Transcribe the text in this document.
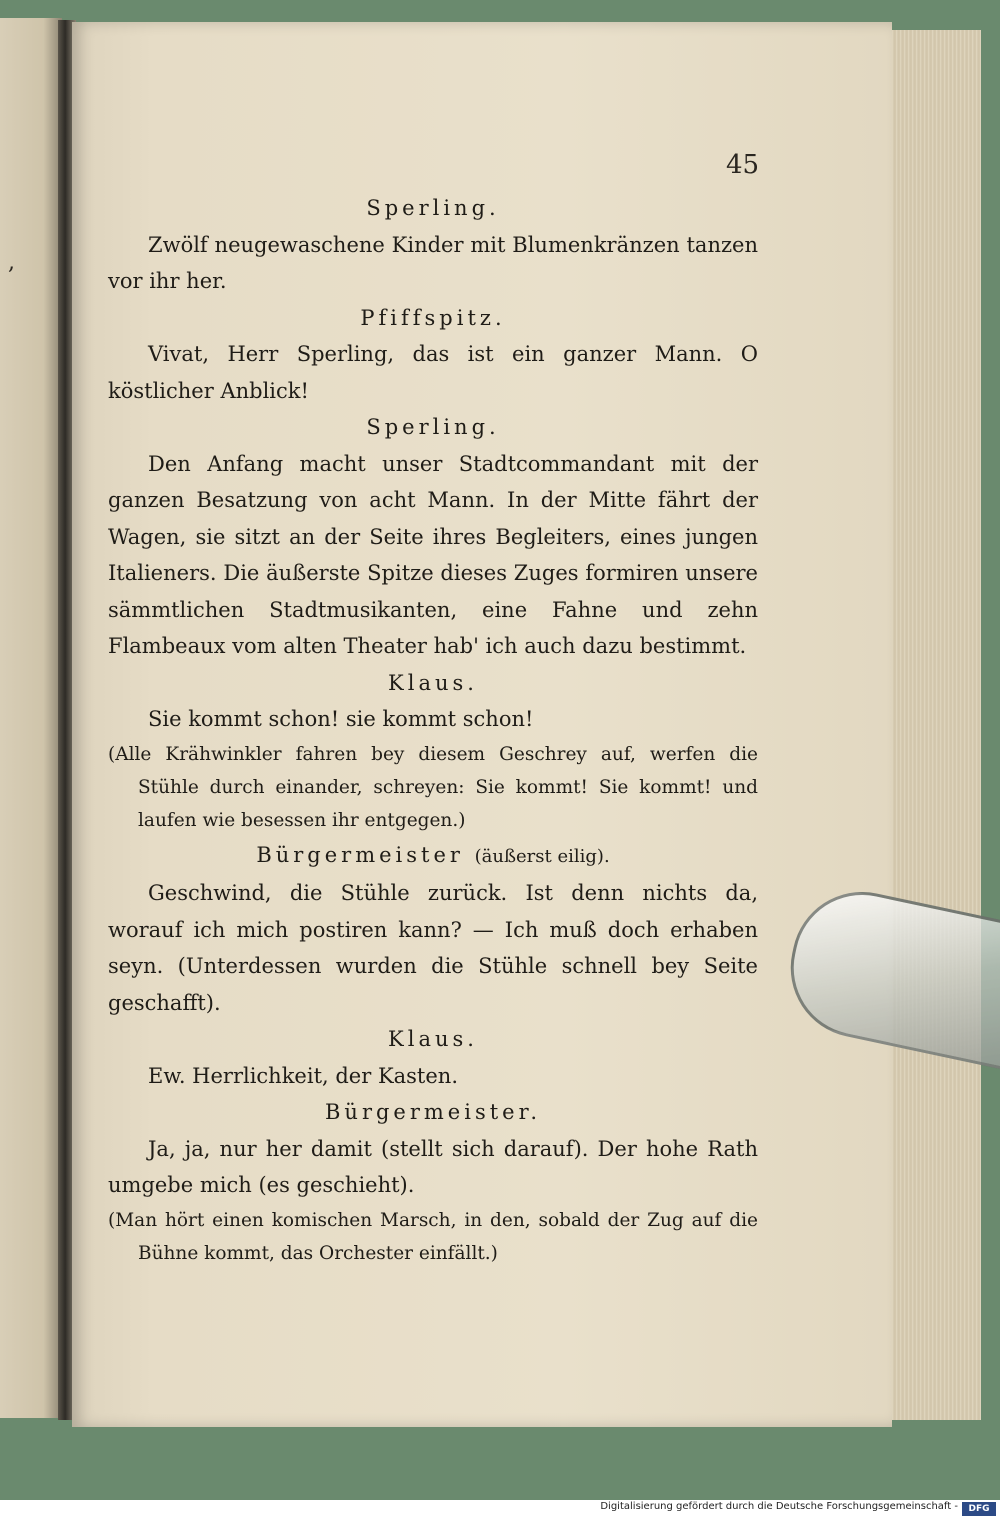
,
45
Sperling.
Zwölf neugewaschene Kinder mit Blumenkränzen tanzen vor ihr her.
Pfiffspitz.
Vivat, Herr Sperling, das ist ein ganzer Mann. O köstlicher Anblick!
Sperling.
Den Anfang macht unser Stadtcommandant mit der ganzen Besatzung von acht Mann. In der Mitte fährt der Wagen, sie sitzt an der Seite ihres Begleiters, eines jungen Italieners. Die äußerste Spitze dieses Zuges formiren unsere sämmtlichen Stadtmusikanten, eine Fahne und zehn Flambeaux vom alten Theater hab' ich auch dazu bestimmt.
Klaus.
Sie kommt schon! sie kommt schon!
(Alle Krähwinkler fahren bey diesem Geschrey auf, werfen die Stühle durch einander, schreyen: Sie kommt! Sie kommt! und laufen wie besessen ihr entgegen.)
Bürgermeister (äußerst eilig).
Geschwind, die Stühle zurück. Ist denn nichts da, worauf ich mich postiren kann? — Ich muß doch erhaben seyn. (Unterdessen wurden die Stühle schnell bey Seite geschafft).
Klaus.
Ew. Herrlichkeit, der Kasten.
Bürgermeister.
Ja, ja, nur her damit (stellt sich darauf). Der hohe Rath umgebe mich (es geschieht).
(Man hört einen komischen Marsch, in den, sobald der Zug auf die Bühne kommt, das Orchester einfällt.)
Digitalisierung gefördert durch die Deutsche Forschungsgemeinschaft -	DFG
